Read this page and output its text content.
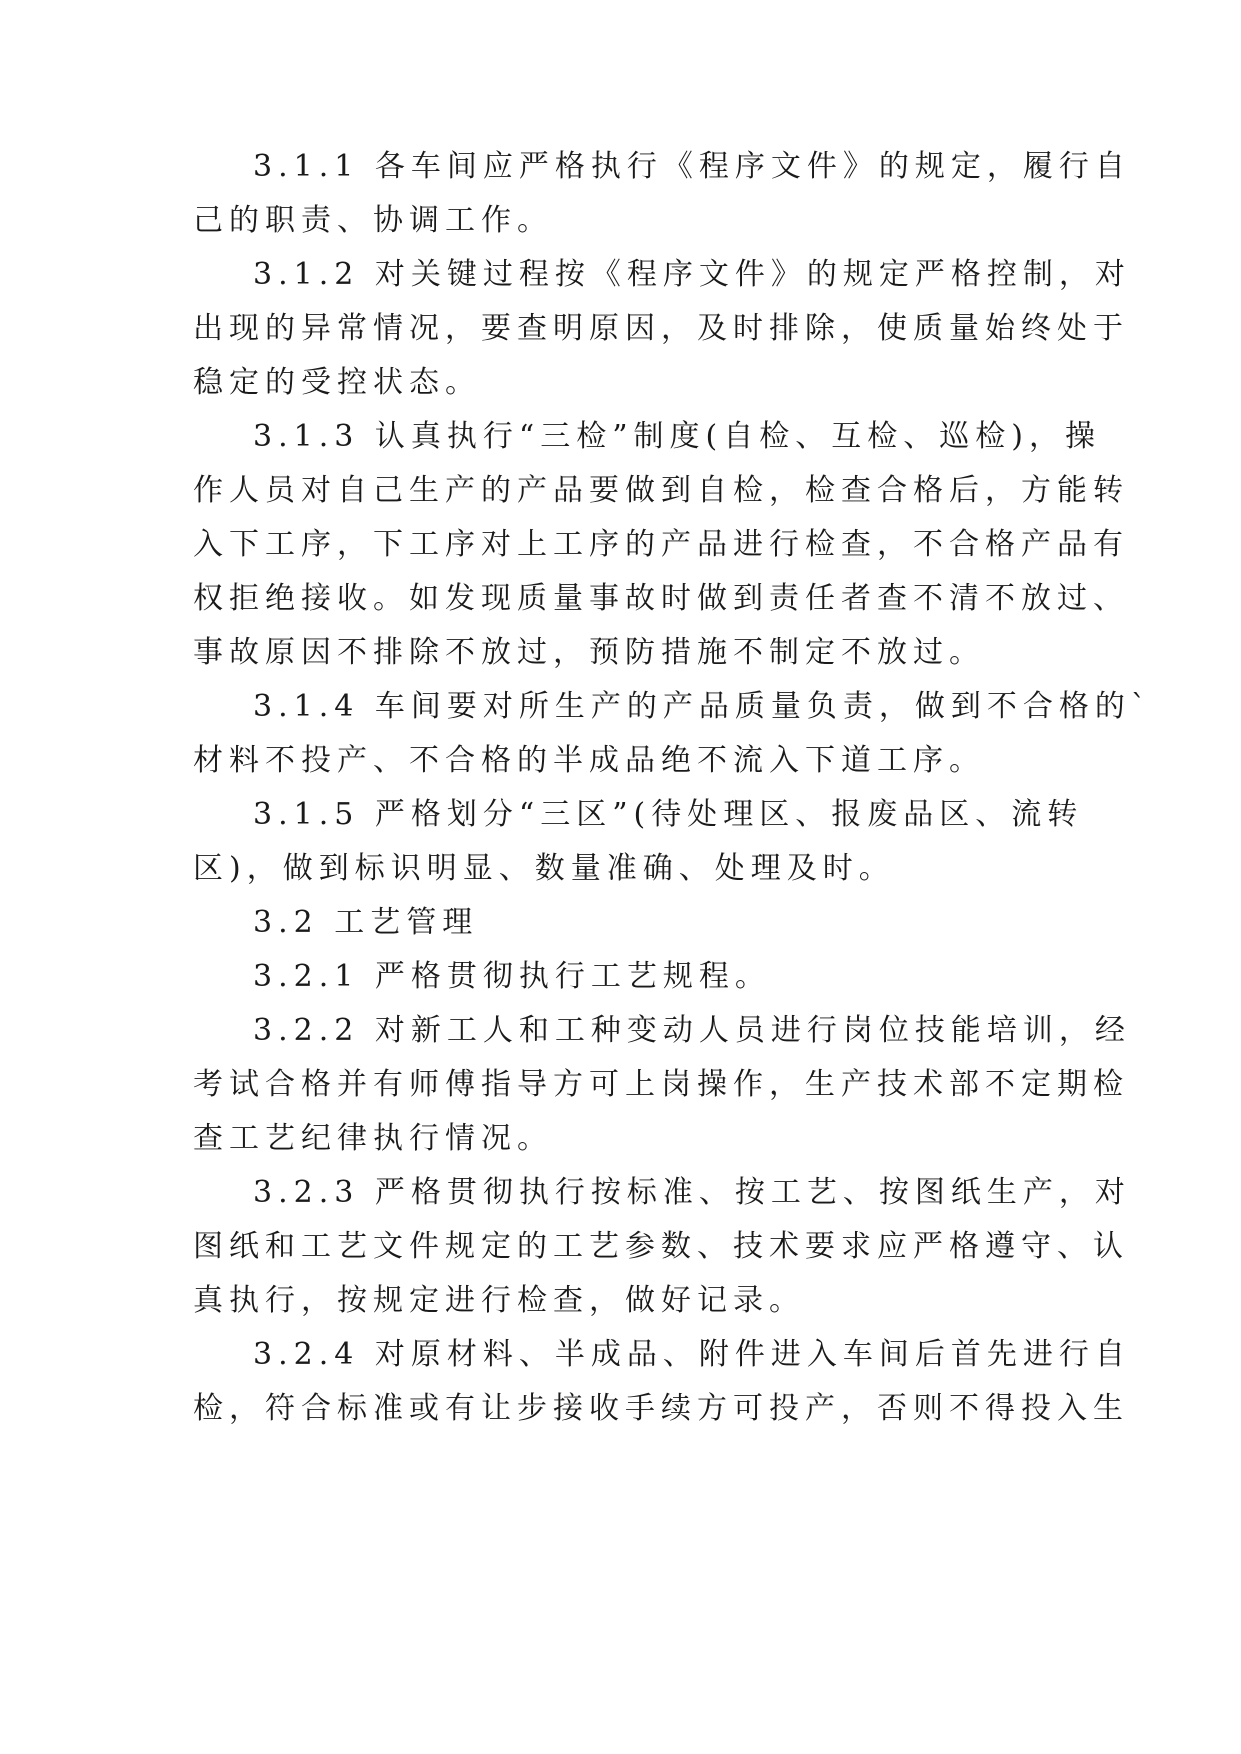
3.1.1 各车间应严格执行《程序文件》的规定，履行自
己的职责、协调工作。
3.1.2 对关键过程按《程序文件》的规定严格控制，对
出现的异常情况，要查明原因，及时排除，使质量始终处于
稳定的受控状态。
3.1.3 认真执行“三检”制度(自检、互检、巡检)，操
作人员对自己生产的产品要做到自检，检查合格后，方能转
入下工序，下工序对上工序的产品进行检查，不合格产品有
权拒绝接收。如发现质量事故时做到责任者查不清不放过、
事故原因不排除不放过，预防措施不制定不放过。
3.1.4 车间要对所生产的产品质量负责，做到不合格的`
材料不投产、不合格的半成品绝不流入下道工序。
3.1.5 严格划分“三区”(待处理区、报废品区、流转
区)，做到标识明显、数量准确、处理及时。
3.2 工艺管理
3.2.1 严格贯彻执行工艺规程。
3.2.2 对新工人和工种变动人员进行岗位技能培训，经
考试合格并有师傅指导方可上岗操作，生产技术部不定期检
查工艺纪律执行情况。
3.2.3 严格贯彻执行按标准、按工艺、按图纸生产，对
图纸和工艺文件规定的工艺参数、技术要求应严格遵守、认
真执行，按规定进行检查，做好记录。
3.2.4 对原材料、半成品、附件进入车间后首先进行自
检，符合标准或有让步接收手续方可投产，否则不得投入生
